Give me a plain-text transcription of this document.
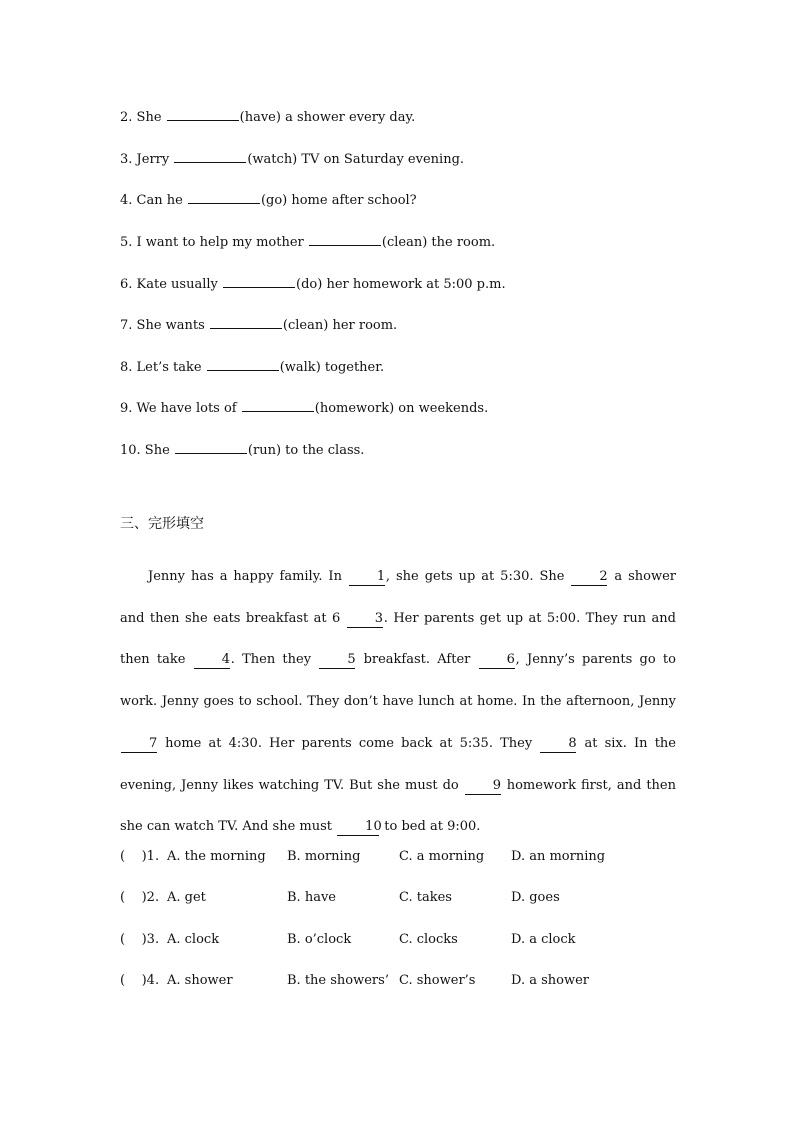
2. She	(have) a shower every day.
3. Jerry	(watch) TV on Saturday evening.
4. Can he	(go) home after school?
5. I want to help my mother	(clean) the room.
6. Kate usually	(do) her homework at 5:00 p.m.
7. She wants	(clean) her room.
8. Let’s take	(walk) together.
9. We have lots of	(homework) on weekends.
10. She	(run) to the class.
三、完形填空
Jenny has a happy family. In 1, she gets up at 5:30. She 2 a shower and then she eats breakfast at 6 3. Her parents get up at 5:00. They run and then take 4. Then they 5 breakfast. After 6, Jenny’s parents go to work. Jenny goes to school. They don’t have lunch at home. In the afternoon, Jenny 7 home at 4:30. Her parents come back at 5:35. They 8 at six. In the evening, Jenny likes watching TV. But she must do 9 homework first, and then she can watch TV. And she must 10 to bed at 9:00.

(    )1.

A. the morning

B. morning

	C. a morning

D. an morning

(    )2.

A. get

	B. have

	C. takes

	D. goes

(    )3.

A. clock

	B. o’clock

	C. clocks

	D. a clock

(    )4.

A. shower

	B. the showers’

C. shower’s

	D. a shower
